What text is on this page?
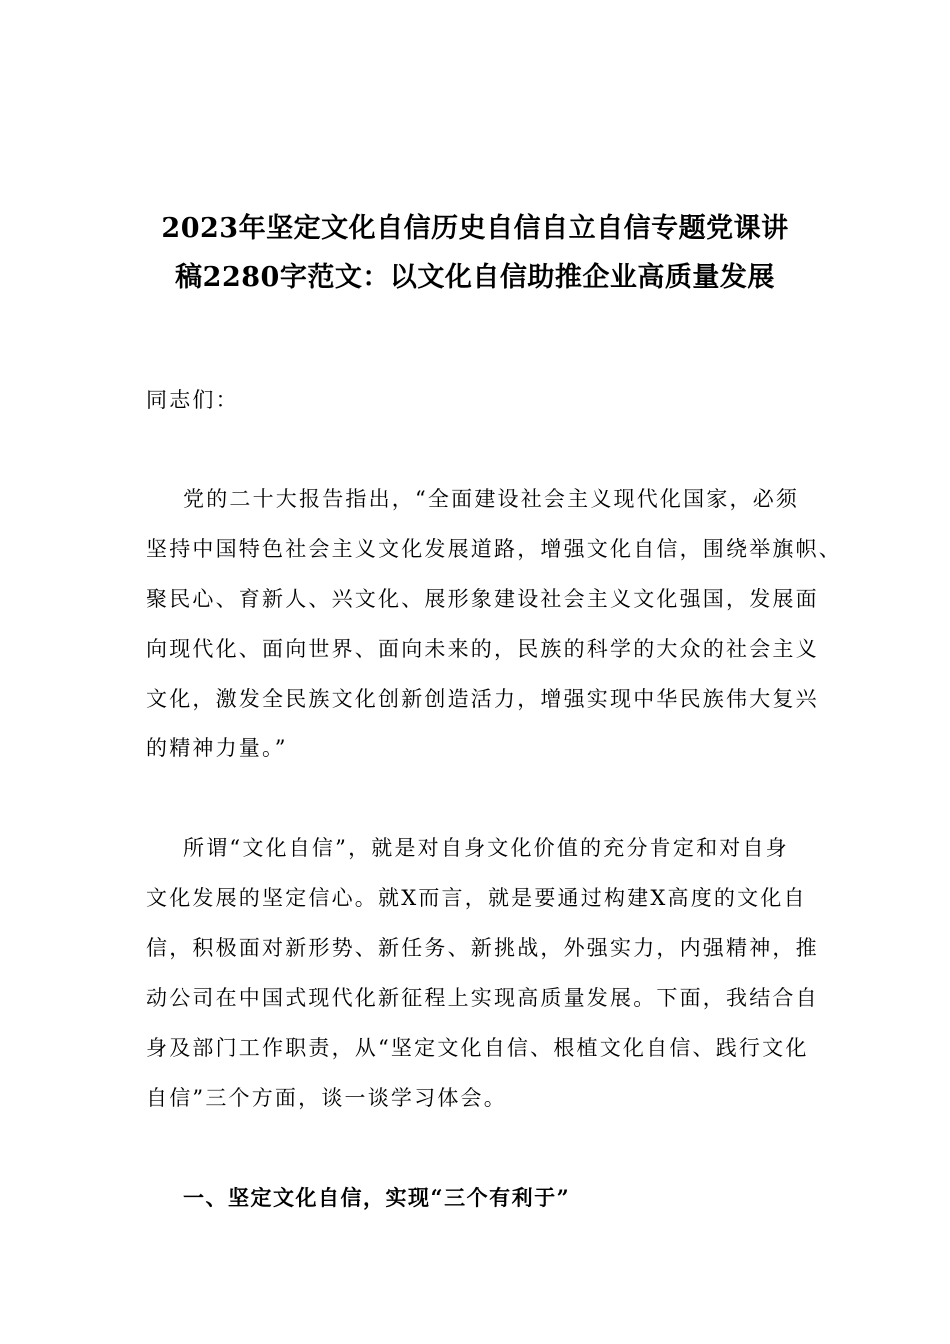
2023年坚定文化自信历史自信自立自信专题党课讲
稿2280字范文：以文化自信助推企业高质量发展
同志们：
党的二十大报告指出，“全面建设社会主义现代化国家，必须
坚持中国特色社会主义文化发展道路，增强文化自信，围绕举旗帜、
聚民心、育新人、兴文化、展形象建设社会主义文化强国，发展面
向现代化、面向世界、面向未来的，民族的科学的大众的社会主义
文化，激发全民族文化创新创造活力，增强实现中华民族伟大复兴
的精神力量。”
所谓“文化自信”，就是对自身文化价值的充分肯定和对自身
文化发展的坚定信心。就X而言，就是要通过构建X高度的文化自
信，积极面对新形势、新任务、新挑战，外强实力，内强精神，推
动公司在中国式现代化新征程上实现高质量发展。下面，我结合自
身及部门工作职责，从“坚定文化自信、根植文化自信、践行文化
自信”三个方面，谈一谈学习体会。
一、坚定文化自信，实现“三个有利于”
